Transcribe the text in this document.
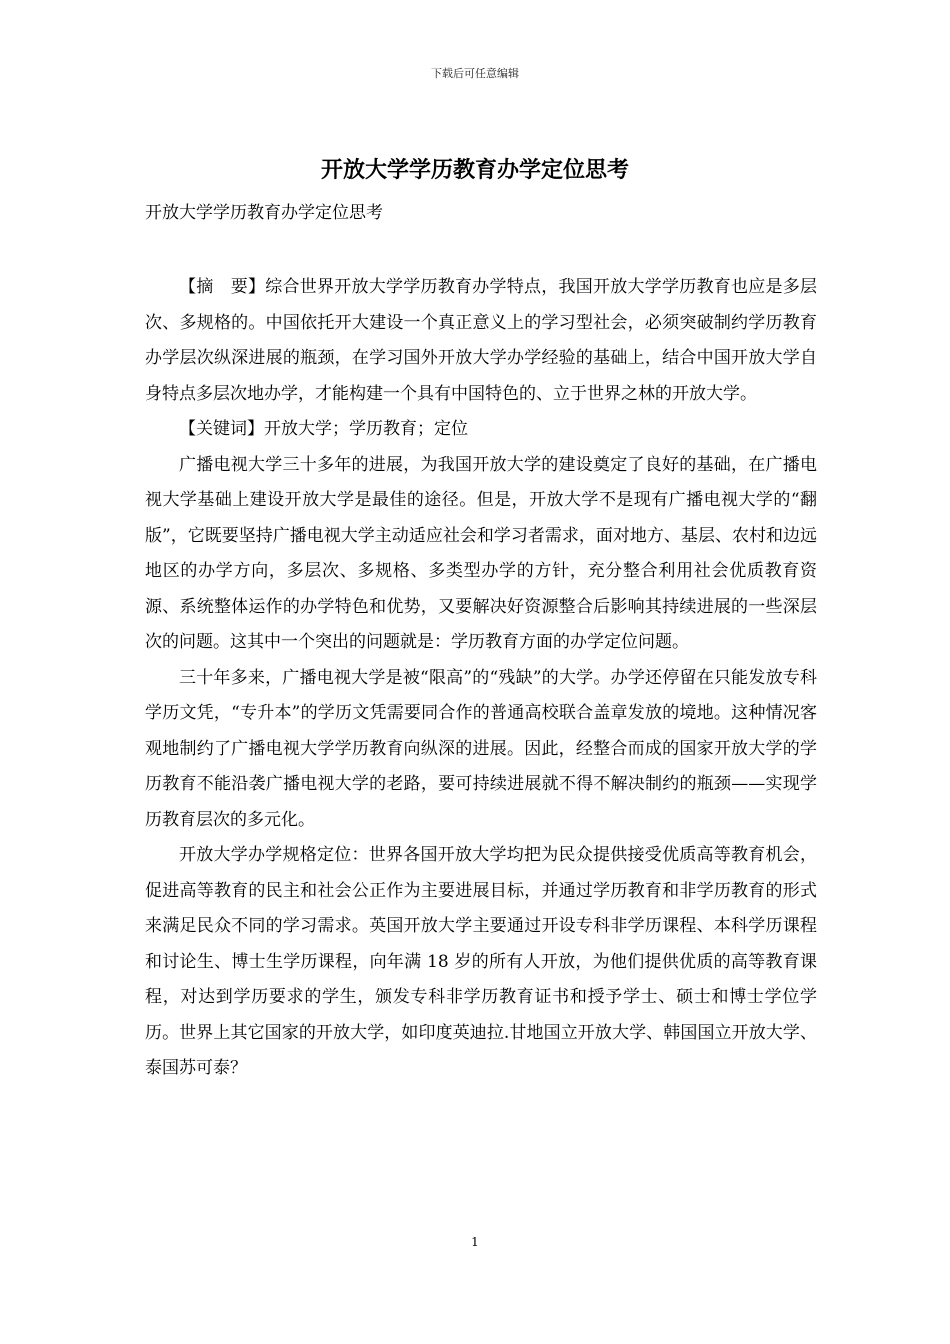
下载后可任意编辑
开放大学学历教育办学定位思考

开放大学学历教育办学定位思考

【摘　要】综合世界开放大学学历教育办学特点，我国开放大学学历教育也应是多层次、多规格的。中国依托开大建设一个真正意义上的学习型社会，必须突破制约学历教育办学层次纵深进展的瓶颈，在学习国外开放大学办学经验的基础上，结合中国开放大学自身特点多层次地办学，才能构建一个具有中国特色的、立于世界之林的开放大学。

【关键词】开放大学；学历教育；定位

广播电视大学三十多年的进展，为我国开放大学的建设奠定了良好的基础，在广播电视大学基础上建设开放大学是最佳的途径。但是，开放大学不是现有广播电视大学的“翻版”，它既要坚持广播电视大学主动适应社会和学习者需求，面对地方、基层、农村和边远地区的办学方向，多层次、多规格、多类型办学的方针，充分整合利用社会优质教育资源、系统整体运作的办学特色和优势，又要解决好资源整合后影响其持续进展的一些深层次的问题。这其中一个突出的问题就是：学历教育方面的办学定位问题。

三十年多来，广播电视大学是被“限高”的“残缺”的大学。办学还停留在只能发放专科学历文凭，“专升本”的学历文凭需要同合作的普通高校联合盖章发放的境地。这种情况客观地制约了广播电视大学学历教育向纵深的进展。因此，经整合而成的国家开放大学的学历教育不能沿袭广播电视大学的老路，要可持续进展就不得不解决制约的瓶颈——实现学历教育层次的多元化。

开放大学办学规格定位：世界各国开放大学均把为民众提供接受优质高等教育机会，促进高等教育的民主和社会公正作为主要进展目标，并通过学历教育和非学历教育的形式来满足民众不同的学习需求。英国开放大学主要通过开设专科非学历课程、本科学历课程和讨论生、博士生学历课程，向年满 18 岁的所有人开放，为他们提供优质的高等教育课程，对达到学历要求的学生，颁发专科非学历教育证书和授予学士、硕士和博士学位学历。世界上其它国家的开放大学，如印度英迪拉.甘地国立开放大学、韩国国立开放大学、泰国苏可泰？

1
